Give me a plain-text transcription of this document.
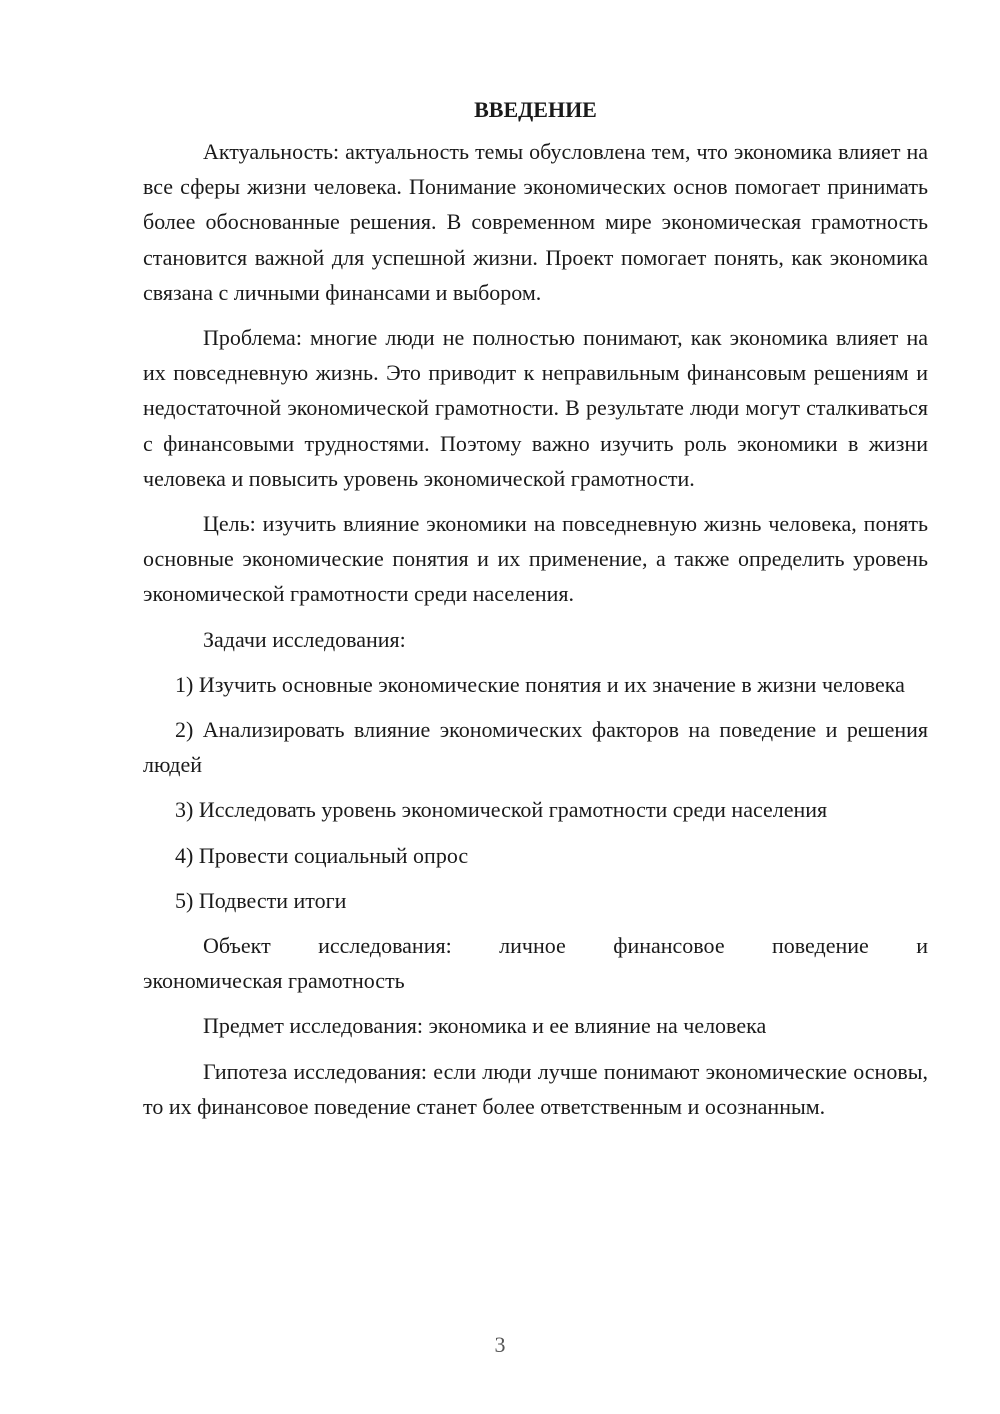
ВВЕДЕНИЕ

Актуальность: актуальность темы обусловлена тем, что экономика влияет на все сферы жизни человека. Понимание экономических основ помогает принимать более обоснованные решения. В современном мире экономическая грамотность становится важной для успешной жизни. Проект помогает понять, как экономика связана с личными финансами и выбором.

Проблема: многие люди не полностью понимают, как экономика влияет на их повседневную жизнь. Это приводит к неправильным финансовым решениям и недостаточной экономической грамотности. В результате люди могут сталкиваться с финансовыми трудностями. Поэтому важно изучить роль экономики в жизни человека и повысить уровень экономической грамотности.

Цель: изучить влияние экономики на повседневную жизнь человека, понять основные экономические понятия и их применение, а также определить уровень экономической грамотности среди населения.

Задачи исследования:

1) Изучить основные экономические понятия и их значение в жизни человека

2) Анализировать влияние экономических факторов на поведение и решения людей

3) Исследовать уровень экономической грамотности среди населения

4) Провести социальный опрос

5) Подвести итоги

Объект исследования: личное финансовое поведение и

экономическая грамотность

Предмет исследования: экономика и ее влияние на человека

Гипотеза исследования: если люди лучше понимают экономические основы, то их финансовое поведение станет более ответственным и осознанным.

3
